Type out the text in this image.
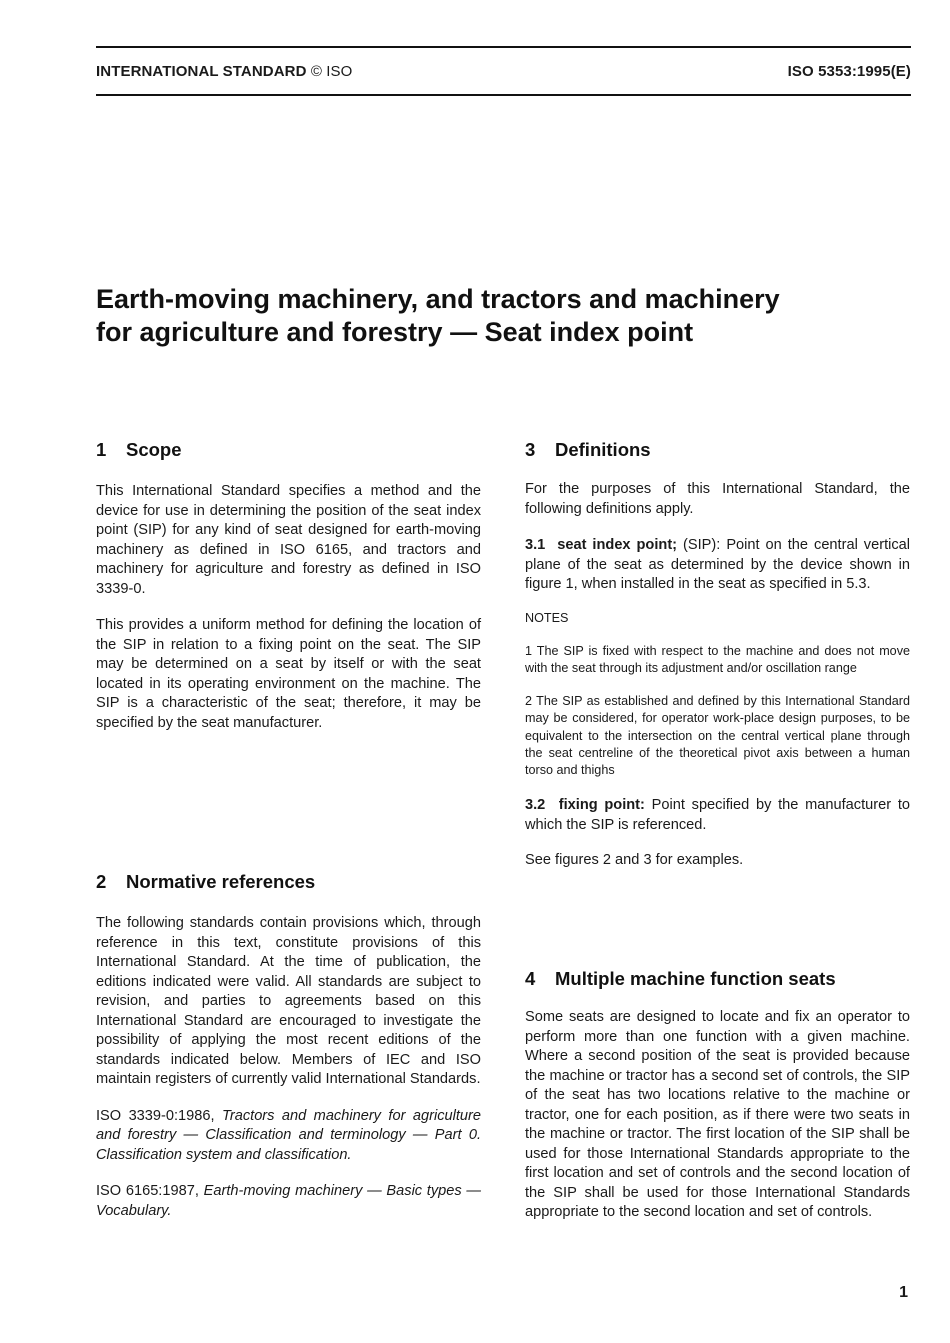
INTERNATIONAL STANDARD © ISO	ISO 5353:1995(E)
Earth-moving machinery, and tractors and machinery
for agriculture and forestry — Seat index point
1 Scope

This International Standard specifies a method and the device for use in determining the position of the seat index point (SIP) for any kind of seat designed for earth-moving machinery as defined in ISO 6165, and tractors and machinery for agriculture and forestry as defined in ISO 3339-0.

This provides a uniform method for defining the location of the SIP in relation to a fixing point on the seat. The SIP may be determined on a seat by itself or with the seat located in its operating environment on the machine. The SIP is a characteristic of the seat; therefore, it may be specified by the seat manufacturer.

2 Normative references

The following standards contain provisions which, through reference in this text, constitute provisions of this International Standard. At the time of publication, the editions indicated were valid. All standards are subject to revision, and parties to agreements based on this International Standard are encouraged to investigate the possibility of applying the most recent editions of the standards indicated below. Members of IEC and ISO maintain registers of currently valid International Standards.

ISO 3339-0:1986, Tractors and machinery for agriculture and forestry — Classification and terminology — Part 0. Classification system and classification.

ISO 6165:1987, Earth-moving machinery — Basic types — Vocabulary.

3 Definitions

For the purposes of this International Standard, the following definitions apply.

3.1 seat index point; (SIP): Point on the central vertical plane of the seat as determined by the device shown in figure 1, when installed in the seat as specified in 5.3.

NOTES

1 The SIP is fixed with respect to the machine and does not move with the seat through its adjustment and/or oscillation range

2 The SIP as established and defined by this International Standard may be considered, for operator work-place design purposes, to be equivalent to the intersection on the central vertical plane through the seat centreline of the theoretical pivot axis between a human torso and thighs

3.2 fixing point: Point specified by the manufacturer to which the SIP is referenced.

See figures 2 and 3 for examples.

4 Multiple machine function seats

Some seats are designed to locate and fix an operator to perform more than one function with a given machine. Where a second position of the seat is provided because the machine or tractor has a second set of controls, the SIP of the seat has two locations relative to the machine or tractor, one for each position, as if there were two seats in the machine or tractor. The first location of the SIP shall be used for those International Standards appropriate to the first location and set of controls and the second location of the SIP shall be used for those International Standards appropriate to the second location and set of controls.

1
